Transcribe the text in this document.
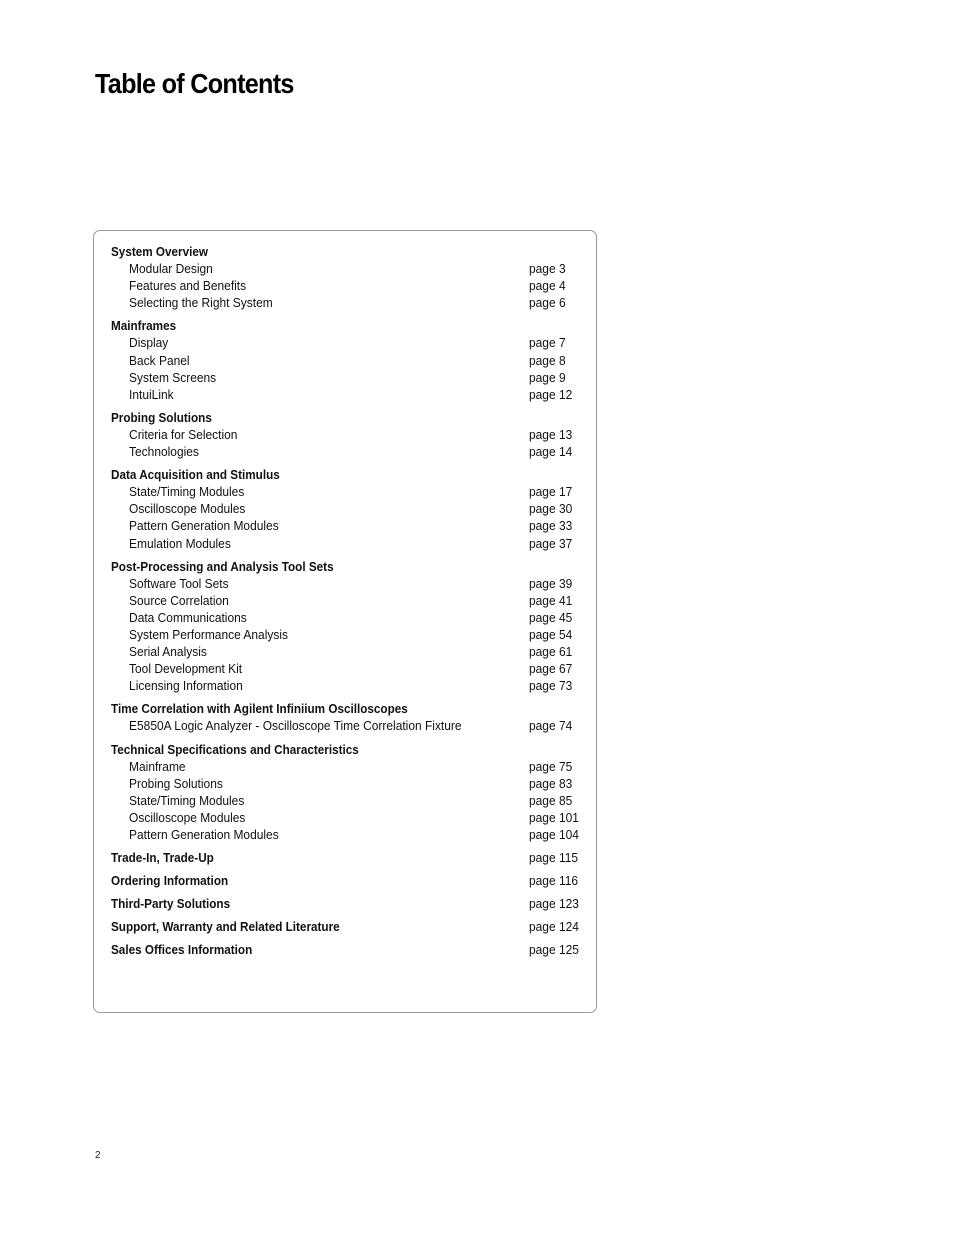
Table of Contents
System Overview
Modular Design	page 3
Features and Benefits	page 4
Selecting the Right System	page 6
Mainframes
Display	page 7
Back Panel	page 8
System Screens	page 9
IntuiLink	page 12
Probing Solutions
Criteria for Selection	page 13
Technologies	page 14
Data Acquisition and Stimulus
State/Timing Modules	page 17
Oscilloscope Modules	page 30
Pattern Generation Modules	page 33
Emulation Modules	page 37
Post-Processing and Analysis Tool Sets
Software Tool Sets	page 39
Source Correlation	page 41
Data Communications	page 45
System Performance Analysis	page 54
Serial Analysis	page 61
Tool Development Kit	page 67
Licensing Information	page 73
Time Correlation with Agilent Infiniium Oscilloscopes
E5850A Logic Analyzer - Oscilloscope Time Correlation Fixture	page 74
Technical Specifications and Characteristics
Mainframe	page 75
Probing Solutions	page 83
State/Timing Modules	page 85
Oscilloscope Modules	page 101
Pattern Generation Modules	page 104
Trade-In, Trade-Up	page 115
Ordering Information	page 116
Third-Party Solutions	page 123
Support, Warranty and Related Literature	page 124
Sales Offices Information	page 125
2
